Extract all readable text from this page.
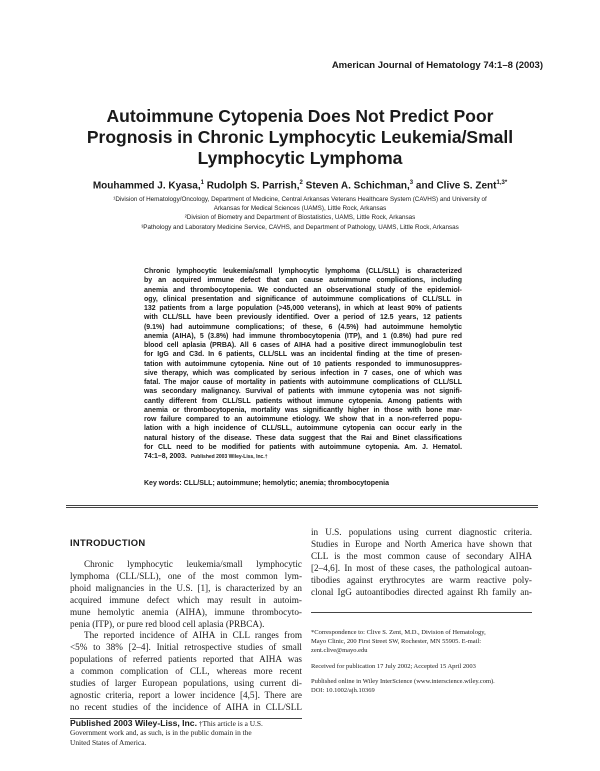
American Journal of Hematology 74:1–8 (2003)
Autoimmune Cytopenia Does Not Predict Poor
Prognosis in Chronic Lymphocytic Leukemia/Small
Lymphocytic Lymphoma
Mouhammed J. Kyasa,$^1$ Rudolph S. Parrish,$^2$ Steven A. Schichman,$^3$ and Clive S. Zent$^{1,3*}$
¹Division of Hematology/Oncology, Department of Medicine, Central Arkansas Veterans Healthcare System (CAVHS) and University of
Arkansas for Medical Sciences (UAMS), Little Rock, Arkansas
²Division of Biometry and Department of Biostatistics, UAMS, Little Rock, Arkansas
³Pathology and Laboratory Medicine Service, CAVHS, and Department of Pathology, UAMS, Little Rock, Arkansas
Chronic lymphocytic leukemia/small lymphocytic lymphoma (CLL/SLL) is characterized
by an acquired immune defect that can cause autoimmune complications, including
anemia and thrombocytopenia. We conducted an observational study of the epidemiol-
ogy, clinical presentation and significance of autoimmune complications of CLL/SLL in
132 patients from a large population (>45,000 veterans), in which at least 90% of patients
with CLL/SLL have been previously identified. Over a period of 12.5 years, 12 patients
(9.1%) had autoimmune complications; of these, 6 (4.5%) had autoimmune hemolytic
anemia (AIHA), 5 (3.8%) had immune thrombocytopenia (ITP), and 1 (0.8%) had pure red
blood cell aplasia (PRBA). All 6 cases of AIHA had a positive direct immunoglobulin test
for IgG and C3d. In 6 patients, CLL/SLL was an incidental finding at the time of presen-
tation with autoimmune cytopenia. Nine out of 10 patients responded to immunosuppres-
sive therapy, which was complicated by serious infection in 7 cases, one of which was
fatal. The major cause of mortality in patients with autoimmune complications of CLL/SLL
was secondary malignancy. Survival of patients with immune cytopenia was not signifi-
cantly different from CLL/SLL patients without immune cytopenia. Among patients with
anemia or thrombocytopenia, mortality was significantly higher in those with bone mar-
row failure compared to an autoimmune etiology. We show that in a non-referred popu-
lation with a high incidence of CLL/SLL, autoimmune cytopenia can occur early in the
natural history of the disease. These data suggest that the Rai and Binet classifications
for CLL need to be modified for patients with autoimmune cytopenia. Am. J. Hematol.
74:1–8, 2003. Published 2003 Wiley-Liss, Inc.†
Key words: CLL/SLL; autoimmune; hemolytic; anemia; thrombocytopenia
INTRODUCTION
Chronic lymphocytic leukemia/small lymphocytic
lymphoma (CLL/SLL), one of the most common lym-
phoid malignancies in the U.S. [1], is characterized by an
acquired immune defect which may result in autoim-
mune hemolytic anemia (AIHA), immune thrombocyto-
penia (ITP), or pure red blood cell aplasia (PRBCA).
The reported incidence of AIHA in CLL ranges from
<5% to 38% [2–4]. Initial retrospective studies of small
populations of referred patients reported that AIHA was
a common complication of CLL, whereas more recent
studies of larger European populations, using current di-
agnostic criteria, report a lower incidence [4,5]. There are
no recent studies of the incidence of AIHA in CLL/SLL
in U.S. populations using current diagnostic criteria.
Studies in Europe and North America have shown that
CLL is the most common cause of secondary AIHA
[2–4,6]. In most of these cases, the pathological autoan-
tibodies against erythrocytes are warm reactive poly-
clonal IgG autoantibodies directed against Rh family an-
*Correspondence to: Clive S. Zent, M.D., Division of Hematology,
Mayo Clinic, 200 First Street SW, Rochester, MN 55905. E-mail:
zent.clive@mayo.edu
Received for publication 17 July 2002; Accepted 15 April 2003
Published online in Wiley InterScience (www.interscience.wiley.com).
DOI: 10.1002/ajh.10369
Published 2003 Wiley-Liss, Inc. †This article is a U.S.
Government work and, as such, is in the public domain in the
United States of America.
